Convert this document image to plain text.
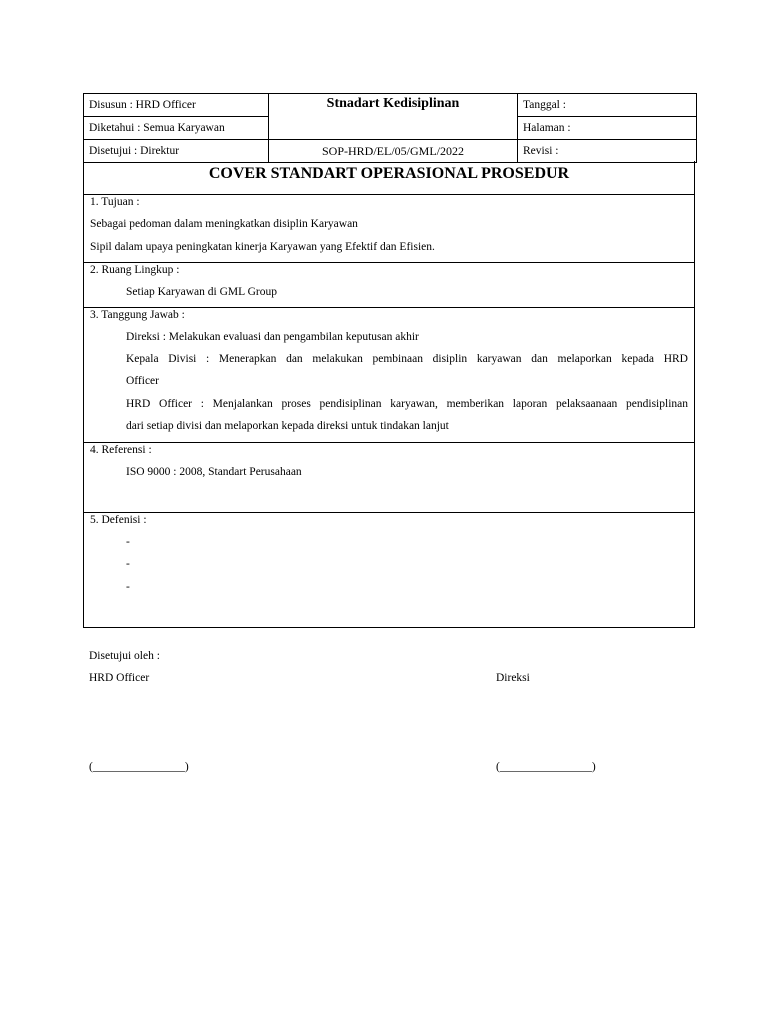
Disusun : HRD Officer	Stnadart Kedisiplinan	Tanggal :
Diketahui : Semua Karyawan		Halaman :
Disetujui : Direktur	SOP-HRD/EL/05/GML/2022	Revisi :
COVER STANDART OPERASIONAL PROSEDUR
1. Tujuan :
Sebagai pedoman dalam meningkatkan disiplin Karyawan
Sipil dalam upaya peningkatan kinerja Karyawan yang Efektif dan Efisien.
2. Ruang Lingkup :
Setiap Karyawan di GML Group
3. Tanggung Jawab :
Direksi : Melakukan evaluasi dan pengambilan keputusan akhir
Kepala Divisi : Menerapkan dan melakukan pembinaan disiplin karyawan dan melaporkan kepada HRD
Officer
HRD Officer : Menjalankan proses pendisiplinan karyawan, memberikan laporan pelaksaanaan pendisiplinan
dari setiap divisi dan melaporkan kepada direksi untuk tindakan lanjut
4. Referensi :
ISO 9000 : 2008, Standart Perusahaan
5. Defenisi :
-
-
-
Disetujui oleh :
HRD Officer	Direksi
(________________)	(________________)
